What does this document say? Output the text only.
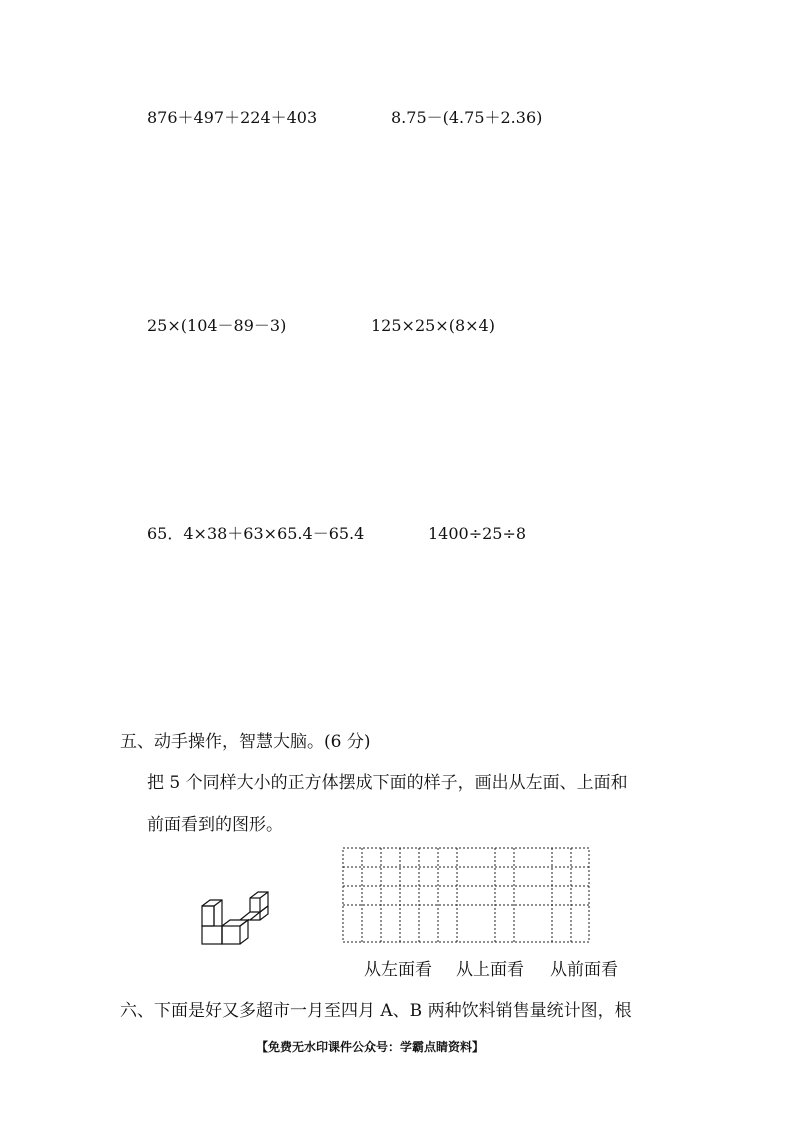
876＋497＋224＋403	8.75－(4.75＋2.36)
25×(104－89－3)	125×25×(8×4)
65．4×38＋63×65.4－65.4	1400÷25÷8
五、动手操作，智慧大脑。(6 分)
把 5 个同样大小的正方体摆成下面的样子，画出从左面、上面和
前面看到的图形。
从左面看 从上面看 从前面看
六、下面是好又多超市一月至四月 A、B 两种饮料销售量统计图，根
【免费无水印课件公众号：学霸点睛资料】
